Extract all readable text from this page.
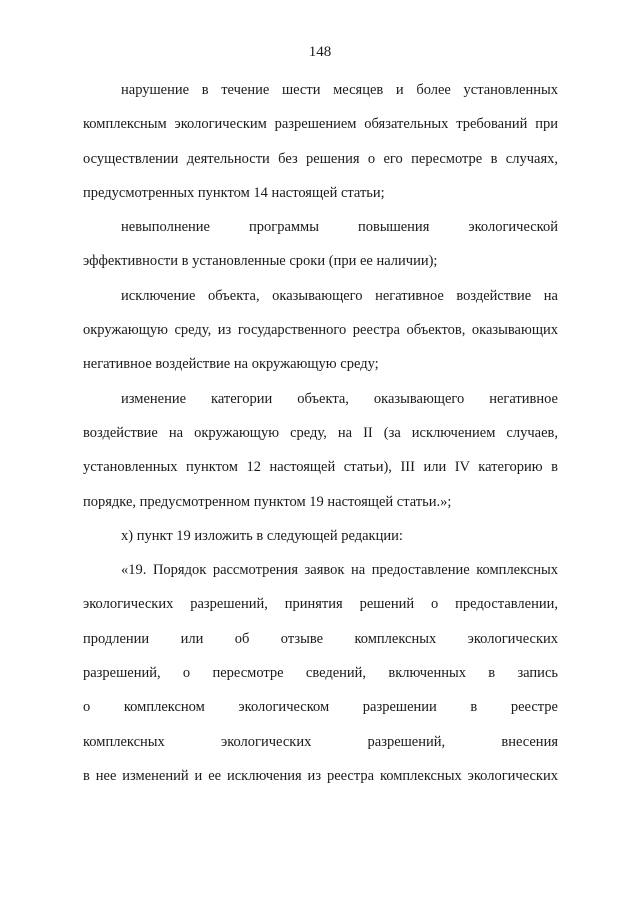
148

нарушение в течение шести месяцев и более установленных
комплексным экологическим разрешением обязательных требований при
осуществлении деятельности без решения о его пересмотре в случаях,
предусмотренных пунктом 14 настоящей статьи;

невыполнение программы повышения экологической
эффективности в установленные сроки (при ее наличии);

исключение объекта, оказывающего негативное воздействие на
окружающую среду, из государственного реестра объектов, оказывающих
негативное воздействие на окружающую среду;

изменение категории объекта, оказывающего негативное
воздействие на окружающую среду, на II (за исключением случаев,
установленных пунктом 12 настоящей статьи), III или IV категорию в
порядке, предусмотренном пунктом 19 настоящей статьи.»;

х) пункт 19 изложить в следующей редакции:

«19. Порядок рассмотрения заявок на предоставление комплексных
экологических разрешений, принятия решений о предоставлении,
продлении или об отзыве комплексных экологических
разрешений, о пересмотре сведений, включенных в запись
о комплексном экологическом разрешении в реестре
комплексных экологических разрешений, внесения
в нее изменений и ее исключения из реестра комплексных экологических
